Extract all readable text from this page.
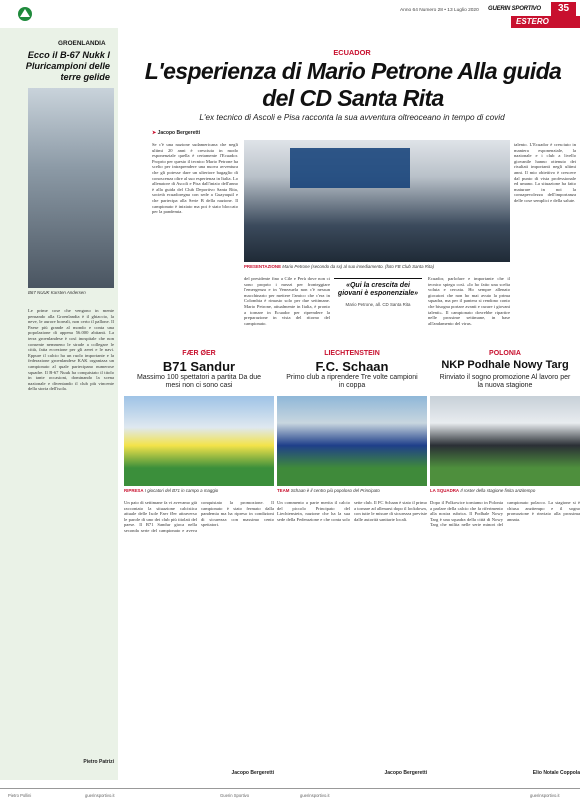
Anno 64 Numero 28 • 13 Luglio 2020 GUERIN SPORTIVO	35
ESTERO
GROENLANDIA
Ecco il B-67 Nukk l Pluricampioni delle terre gelide
B67 NUUK Karsten Andersen
Le prime cose che vengono in mente pensando alla Groenlandia è il ghiaccio, la neve, le aurore boreali, non certo il pallone. Il Paese più grande al mondo e conta una popolazione di appena 56.000 abitanti. La terra groenlandese è così inospitale che non consente nemmeno le strade a collegare le città, fatta eccezione per gli aerei e le navi. Eppure il calcio ha un ruolo importante e la federazione groenlandese KAK organizza un campionato al quale partecipano numerose squadre. Il B-67 Nuuk ha conquistato il titolo in tante occasioni, dominando la scena nazionale e diventando il club più vincente della storia dell'isola.
Pietro Patrizi
ECUADOR
L'esperienza di Mario Petrone Alla guida del CD Santa Rita
L'ex tecnico di Ascoli e Pisa racconta la sua avventura oltreoceano in tempo di covid
➤ Jacopo Bergeretti
Se c'è una nazione sudamericana che negli ultimi 20 anni è cresciuta in modo esponenziale quella è certamente l'Ecuador. Proprio per questo il tecnico Mario Petrone ha scelto per intraprendere una nuova avventura che gli potesse dare un ulteriore bagaglio di conoscenza oltre al suo esperienza in Italia. Lo allenatore di Ascoli e Pisa dall'inizio dell'anno è alla guida del Club Deportivo Santa Rita, società ecuadoregna con sede a Guayaquil e che partecipa alla Serie B della nazione. Il campionato è iniziato ma poi è stato bloccato per la pandemia.
talento. L'Ecuador è cresciuto in maniera esponenziale, la nazionale e i club a livello giovanile hanno ottenuto dei risultati importanti negli ultimi anni. Il mio obiettivo è crescere dal punto di vista professionale ed umano. La situazione ha fatto maturare in noi la consapevolezza dell'importanza delle cose semplici e della salute.
PRESENTAZIONE Mario Petrone (secondo da sx) al suo insediamento. (foto FB Club Santa Rita)
del presidente fino a Cile e Perù dove non ci sono proprio i mezzi per fronteggiare l'emergenza e in Venezuela non c'è nessun macchinario per mettere l'amico che c'era in Colombia è rimasto solo per due settimane. Mario Petrone, attualmente in Italia, è pronto a tornare in Ecuador per riprendere la preparazione in vista del ritorno del campionato.
«Qui la crescita dei giovani è esponenziale»
Mario Petrone, all. CD Santa Rita
Ecuador, parlofare e importante che il tecnico spiega così. «Io ho fatto una scelta voluta e cercata. Ho sempre allenato giocatori che non ho mai avuto la prima squadra, ma per il pantera si rendono conto che bisogna portare avanti e curare i giovani talenti». Il campionato dovrebbe ripartire nelle prossime settimane, in base all'andamento del virus.
FÆR ØER
B71 Sandur
Massimo 100 spettatori a partita Da due mesi non ci sono casi
RIPRESA I giocatori del B71 in campo a maggio
Un paio di settimane fa vi avevamo già raccontato la situazione calcistica attuale delle Isole Faer Øer attraverso le parole di uno dei club più titolati del paese. Il B71 Sandur gioca nella seconda serie del campionato e aveva conquistato la promozione. Il campionato è stato fermato dalla pandemia ma ha ripreso in condizioni di sicurezza con massimo cento spettatori.
Jacopo Bergeretti
LIECHTENSTEIN
F.C. Schaan
Primo club a riprendere Tre volte campioni in coppa
TEAM Schaan è il centro più popoloso del Principato
Un commento a parte merita il calcio del piccolo Principato del Liechtenstein, nazione che ha la sua sede della Federazione e che conta solo sette club. Il FC Schaan è stato il primo a tornare ad allenarsi dopo il lockdown, con tutte le misure di sicurezza previste dalle autorità sanitarie locali.
Jacopo Bergeretti
POLONIA
NKP Podhale Nowy Targ
Rinviato il sogno promozione Al lavoro per la nuova stagione
LA SQUADRA Il roster della stagione finita anzitempo
Dopo il Polkowice torniamo in Polonia a parlare della calcio che fa riferimento alla nostra rubrica. Il Podhale Nowy Targ è una squadra della città di Nowy Targ che milita nelle serie minori del campionato polacco. La stagione si è chiusa anzitempo e il sogno promozione è rinviato alla prossima annata.
Elio Notale Coppola
Pietro Pollini	guerinsportivo.it	Guerin Sportivo	guerinsportivo.it	guerinsportivo.it
